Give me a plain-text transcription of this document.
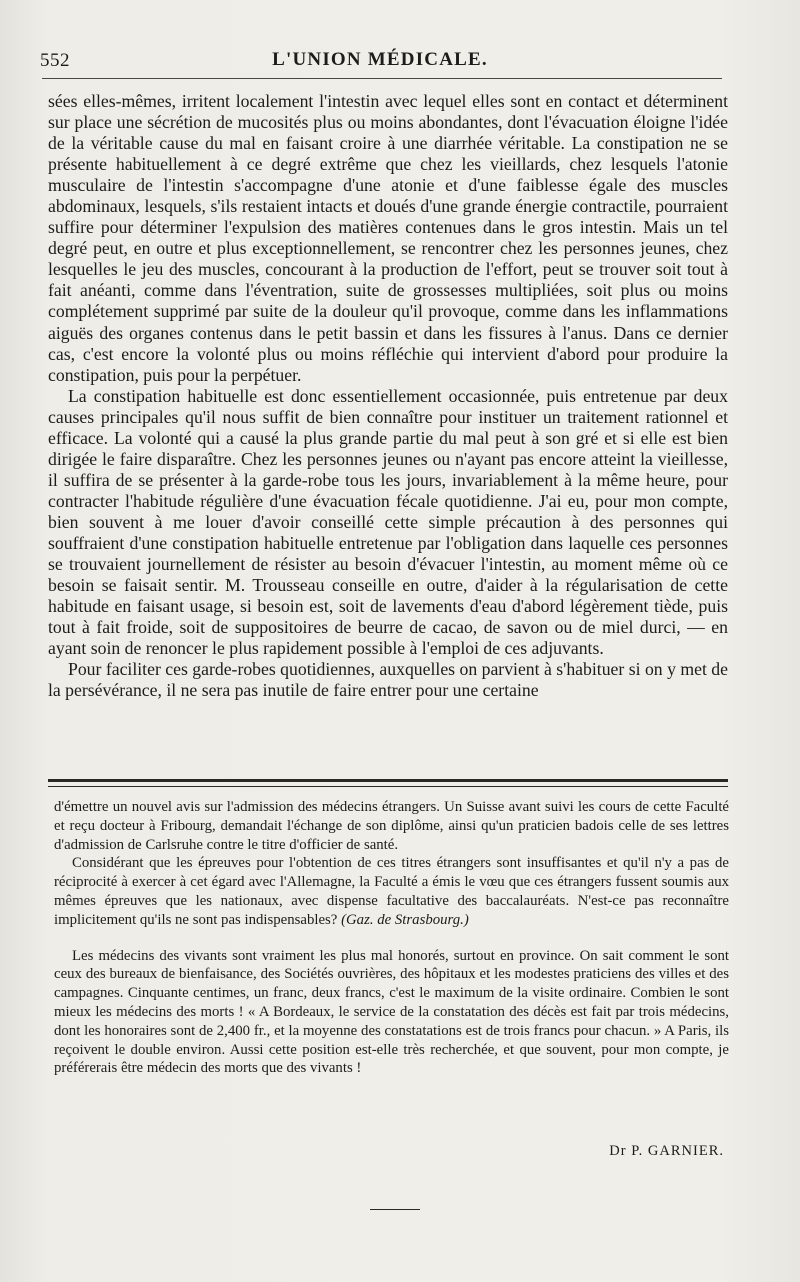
552	L'UNION MÉDICALE.

sées elles-mêmes, irritent localement l'intestin avec lequel elles sont en contact et déterminent sur place une sécrétion de mucosités plus ou moins abondantes, dont l'évacuation éloigne l'idée de la véritable cause du mal en faisant croire à une diarrhée véritable. La constipation ne se présente habituellement à ce degré extrême que chez les vieillards, chez lesquels l'atonie musculaire de l'intestin s'accompagne d'une atonie et d'une faiblesse égale des muscles abdominaux, lesquels, s'ils restaient intacts et doués d'une grande énergie contractile, pourraient suffire pour déterminer l'expulsion des matières contenues dans le gros intestin. Mais un tel degré peut, en outre et plus exceptionnellement, se rencontrer chez les personnes jeunes, chez lesquelles le jeu des muscles, concourant à la production de l'effort, peut se trouver soit tout à fait anéanti, comme dans l'éventration, suite de grossesses multipliées, soit plus ou moins complétement supprimé par suite de la douleur qu'il provoque, comme dans les inflammations aiguës des organes contenus dans le petit bassin et dans les fissures à l'anus. Dans ce dernier cas, c'est encore la volonté plus ou moins réfléchie qui intervient d'abord pour produire la constipation, puis pour la perpétuer.

La constipation habituelle est donc essentiellement occasionnée, puis entretenue par deux causes principales qu'il nous suffit de bien connaître pour instituer un traitement rationnel et efficace. La volonté qui a causé la plus grande partie du mal peut à son gré et si elle est bien dirigée le faire disparaître. Chez les personnes jeunes ou n'ayant pas encore atteint la vieillesse, il suffira de se présenter à la garde-robe tous les jours, invariablement à la même heure, pour contracter l'habitude régulière d'une évacuation fécale quotidienne. J'ai eu, pour mon compte, bien souvent à me louer d'avoir conseillé cette simple précaution à des personnes qui souffraient d'une constipation habituelle entretenue par l'obligation dans laquelle ces personnes se trouvaient journellement de résister au besoin d'évacuer l'intestin, au moment même où ce besoin se faisait sentir. M. Trousseau conseille en outre, d'aider à la régularisation de cette habitude en faisant usage, si besoin est, soit de lavements d'eau d'abord légèrement tiède, puis tout à fait froide, soit de suppositoires de beurre de cacao, de savon ou de miel durci, — en ayant soin de renoncer le plus rapidement possible à l'emploi de ces adjuvants.

Pour faciliter ces garde-robes quotidiennes, auxquelles on parvient à s'habituer si on y met de la persévérance, il ne sera pas inutile de faire entrer pour une certaine

d'émettre un nouvel avis sur l'admission des médecins étrangers. Un Suisse avant suivi les cours de cette Faculté et reçu docteur à Fribourg, demandait l'échange de son diplôme, ainsi qu'un praticien badois celle de ses lettres d'admission de Carlsruhe contre le titre d'officier de santé.

Considérant que les épreuves pour l'obtention de ces titres étrangers sont insuffisantes et qu'il n'y a pas de réciprocité à exercer à cet égard avec l'Allemagne, la Faculté a émis le vœu que ces étrangers fussent soumis aux mêmes épreuves que les nationaux, avec dispense facultative des baccalauréats. N'est-ce pas reconnaître implicitement qu'ils ne sont pas indispensables? (Gaz. de Strasbourg.)

Les médecins des vivants sont vraiment les plus mal honorés, surtout en province. On sait comment le sont ceux des bureaux de bienfaisance, des Sociétés ouvrières, des hôpitaux et les modestes praticiens des villes et des campagnes. Cinquante centimes, un franc, deux francs, c'est le maximum de la visite ordinaire. Combien le sont mieux les médecins des morts ! « A Bordeaux, le service de la constatation des décès est fait par trois médecins, dont les honoraires sont de 2,400 fr., et la moyenne des constatations est de trois francs pour chacun. » A Paris, ils reçoivent le double environ. Aussi cette position est-elle très recherchée, et que souvent, pour mon compte, je préférerais être médecin des morts que des vivants !

Dr P. GARNIER.
